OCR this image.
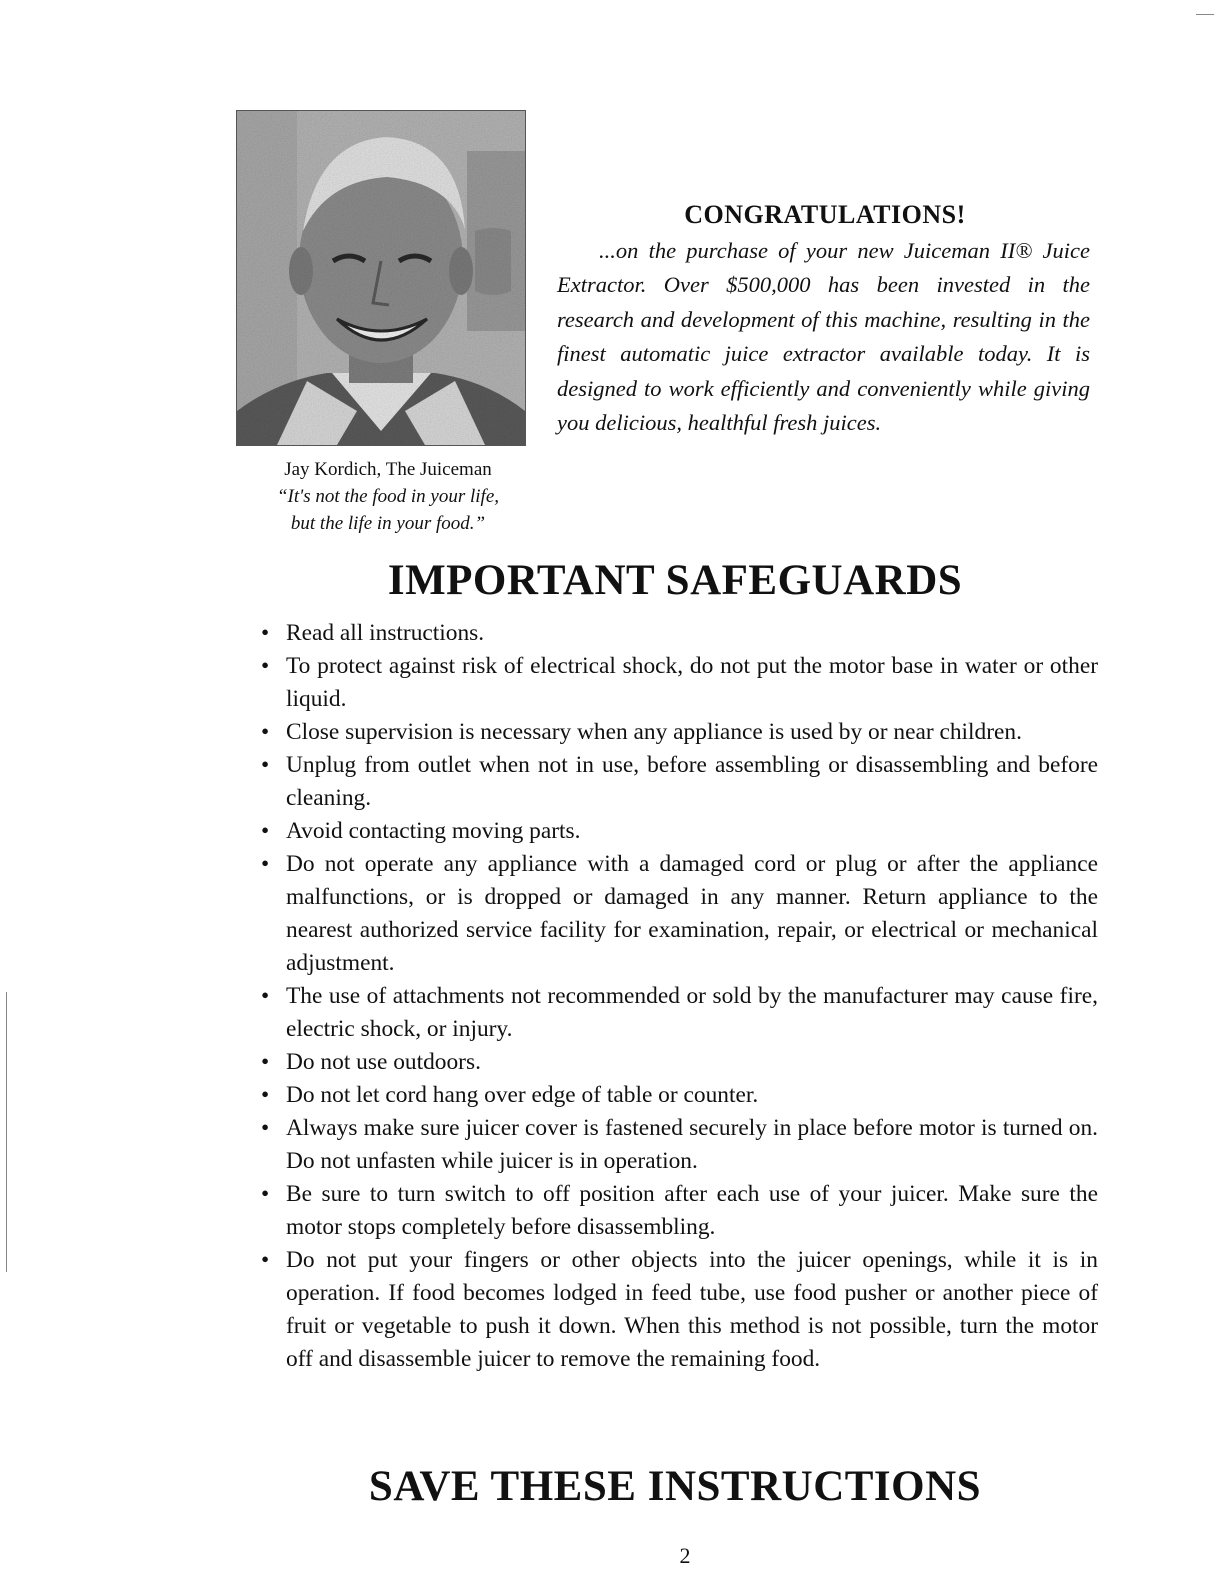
Jay Kordich, The Juiceman
“It's not the food in your life,
but the life in your food.”
CONGRATULATIONS!

...on the purchase of your new Juiceman II® Juice Extractor. Over $500,000 has been invested in the research and development of this machine, resulting in the finest automatic juice extractor available today. It is designed to work efficiently and conveniently while giving you delicious, healthful fresh juices.

IMPORTANT SAFEGUARDS
• Read all instructions.
• To protect against risk of electrical shock, do not put the motor base in water or other liquid.
• Close supervision is necessary when any appliance is used by or near children.
• Unplug from outlet when not in use, before assembling or disassembling and before cleaning.
• Avoid contacting moving parts.
• Do not operate any appliance with a damaged cord or plug or after the appliance malfunctions, or is dropped or damaged in any manner. Return appliance to the nearest authorized service facility for examination, repair, or electrical or mechanical adjustment.
• The use of attachments not recommended or sold by the manufacturer may cause fire, electric shock, or injury.
• Do not use outdoors.
• Do not let cord hang over edge of table or counter.
• Always make sure juicer cover is fastened securely in place before motor is turned on. Do not unfasten while juicer is in operation.
• Be sure to turn switch to off position after each use of your juicer. Make sure the motor stops completely before disassembling.
• Do not put your fingers or other objects into the juicer openings, while it is in operation. If food becomes lodged in feed tube, use food pusher or another piece of fruit or vegetable to push it down. When this method is not possible, turn the motor off and disassemble juicer to remove the remaining food.
SAVE THESE INSTRUCTIONS
2
